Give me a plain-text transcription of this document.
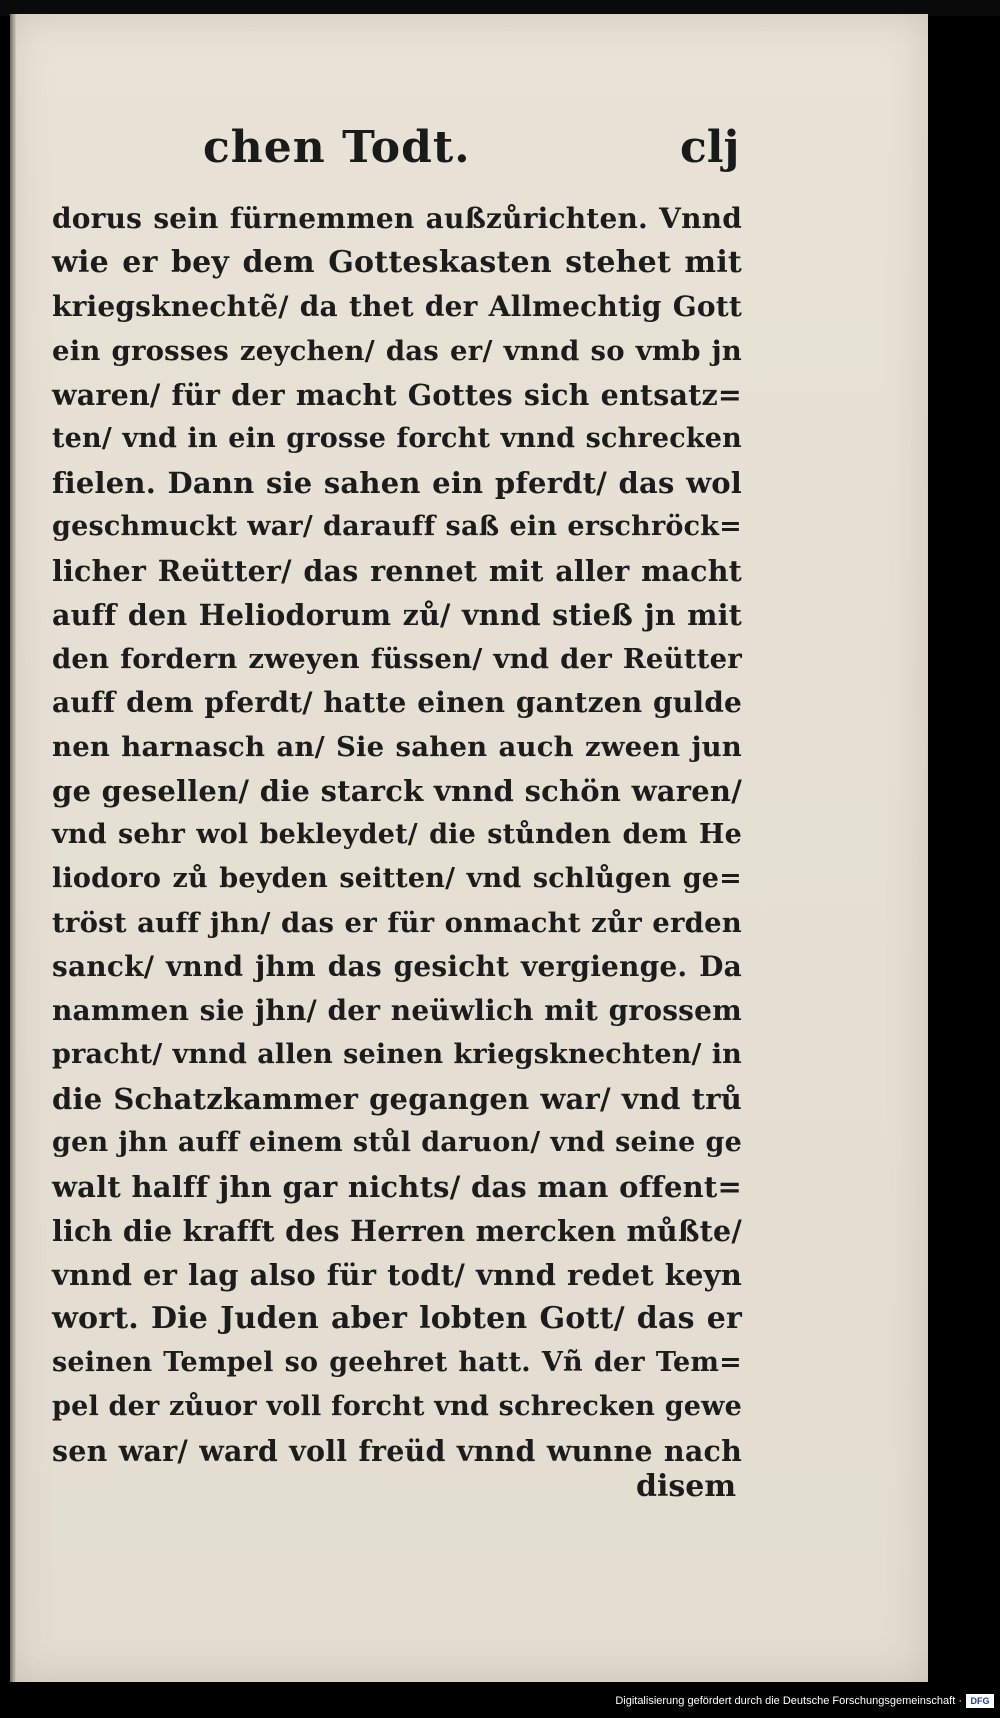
chen Todt.	clj
dorus sein fürnemmen außzůrichten. Vnnd
wie er bey dem Gotteskasten stehet mit
kriegsknechtẽ/ da thet der Allmechtig Gott
ein grosses zeychen/ das er/ vnnd so vmb jn
waren/ für der macht Gottes sich entsatz=
ten/ vnd in ein grosse forcht vnnd schrecken
fielen. Dann sie sahen ein pferdt/ das wol
geschmuckt war/ darauff saß ein erschröck=
licher Reütter/ das rennet mit aller macht
auff den Heliodorum zů/ vnnd stieß jn mit
den fordern zweyen füssen/ vnd der Reütter
auff dem pferdt/ hatte einen gantzen gulde
nen harnasch an/ Sie sahen auch zween jun
ge gesellen/ die starck vnnd schön waren/
vnd sehr wol bekleydet/ die stůnden dem He
liodoro zů beyden seitten/ vnd schlůgen ge=
tröst auff jhn/ das er für onmacht zůr erden
sanck/ vnnd jhm das gesicht vergienge. Da
nammen sie jhn/ der neüwlich mit grossem
pracht/ vnnd allen seinen kriegsknechten/ in
die Schatzkammer gegangen war/ vnd trů
gen jhn auff einem stůl daruon/ vnd seine ge
walt halff jhn gar nichts/ das man offent=
lich die krafft des Herren mercken můßte/
vnnd er lag also für todt/ vnnd redet keyn
wort. Die Juden aber lobten Gott/ das er
seinen Tempel so geehret hatt. Vñ der Tem=
pel der zůuor voll forcht vnd schrecken gewe
sen war/ ward voll freüd vnnd wunne nach
disem
Digitalisierung gefördert durch die Deutsche Forschungsgemeinschaft · DFG
